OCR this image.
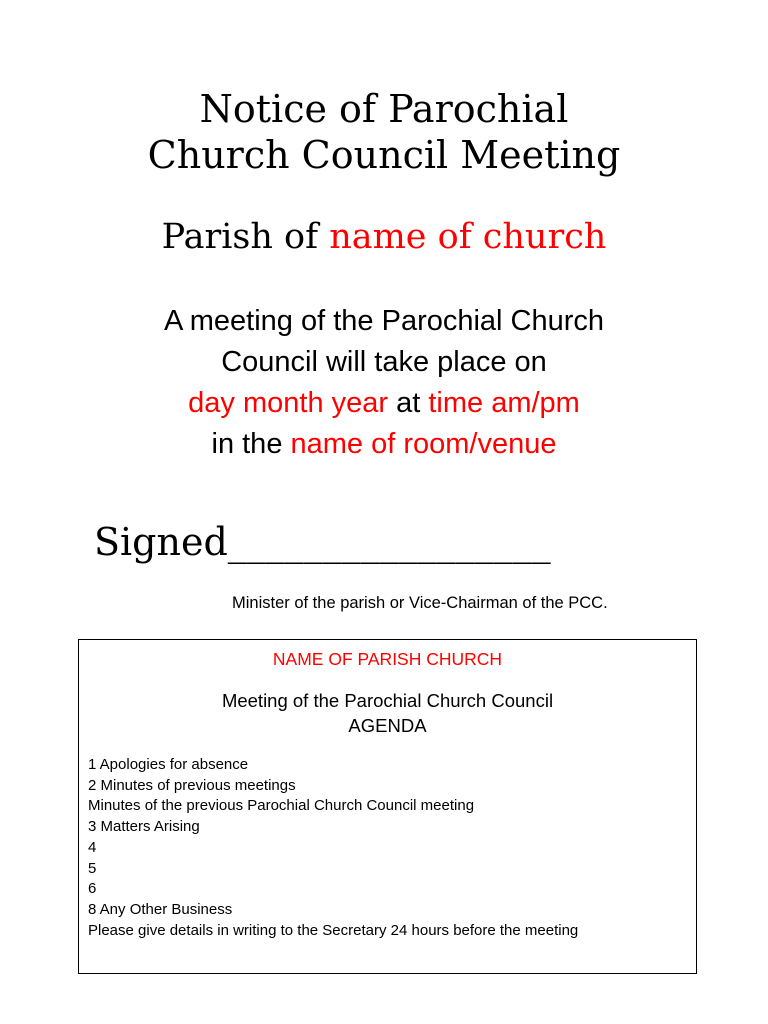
Notice of Parochial
Church Council Meeting
Parish of name of church
A meeting of the Parochial Church
Council will take place on
day month year at time am/pm
in the name of room/venue
Signed_________________
Minister of the parish or Vice-Chairman of the PCC.
NAME OF PARISH CHURCH
Meeting of the Parochial Church Council
AGENDA
1 Apologies for absence
2 Minutes of previous meetings
Minutes of the previous Parochial Church Council meeting
3 Matters Arising
4
5
6
8 Any Other Business
Please give details in writing to the Secretary 24 hours before the meeting
